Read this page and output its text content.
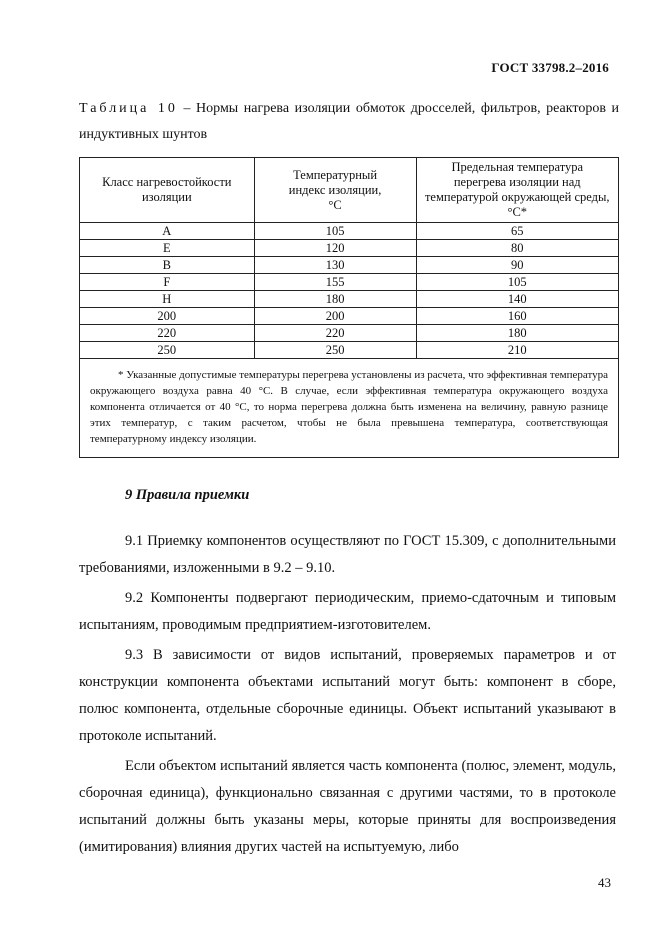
ГОСТ 33798.2–2016
Таблица 10 – Нормы нагрева изоляции обмоток дросселей, фильтров, реакторов и индуктивных шунтов
Класс нагревостойкости изоляции	Температурный индекс изоляции, °С	Предельная температура перегрева изоляции над температурой окружающей среды, °С*
А	105	65
Е	120	80
В	130	90
F	155	105
Н	180	140
200	200	160
220	220	180
250	250	210

* Указанные допустимые температуры перегрева установлены из расчета, что эффективная температура окружающего воздуха равна 40 °С. В случае, если эффективная температура окружающего воздуха компонента отличается от 40 °С, то норма перегрева должна быть изменена на величину, равную разнице этих температур, с таким расчетом, чтобы не была превышена температура, соответствующая температурному индексу изоляции.		
9 Правила приемки

9.1 Приемку компонентов осуществляют по ГОСТ 15.309, с дополнительными требованиями, изложенными в 9.2 – 9.10.

9.2 Компоненты подвергают периодическим, приемо-сдаточным и типовым испытаниям, проводимым предприятием-изготовителем.

9.3 В зависимости от видов испытаний, проверяемых параметров и от конструкции компонента объектами испытаний могут быть: компонент в сборе, полюс компонента, отдельные сборочные единицы. Объект испытаний указывают в протоколе испытаний.

Если объектом испытаний является часть компонента (полюс, элемент, модуль, сборочная единица), функционально связанная с другими частями, то в протоколе испытаний должны быть указаны меры, которые приняты для воспроизведения (имитирования) влияния других частей на испытуемую, либо

43
